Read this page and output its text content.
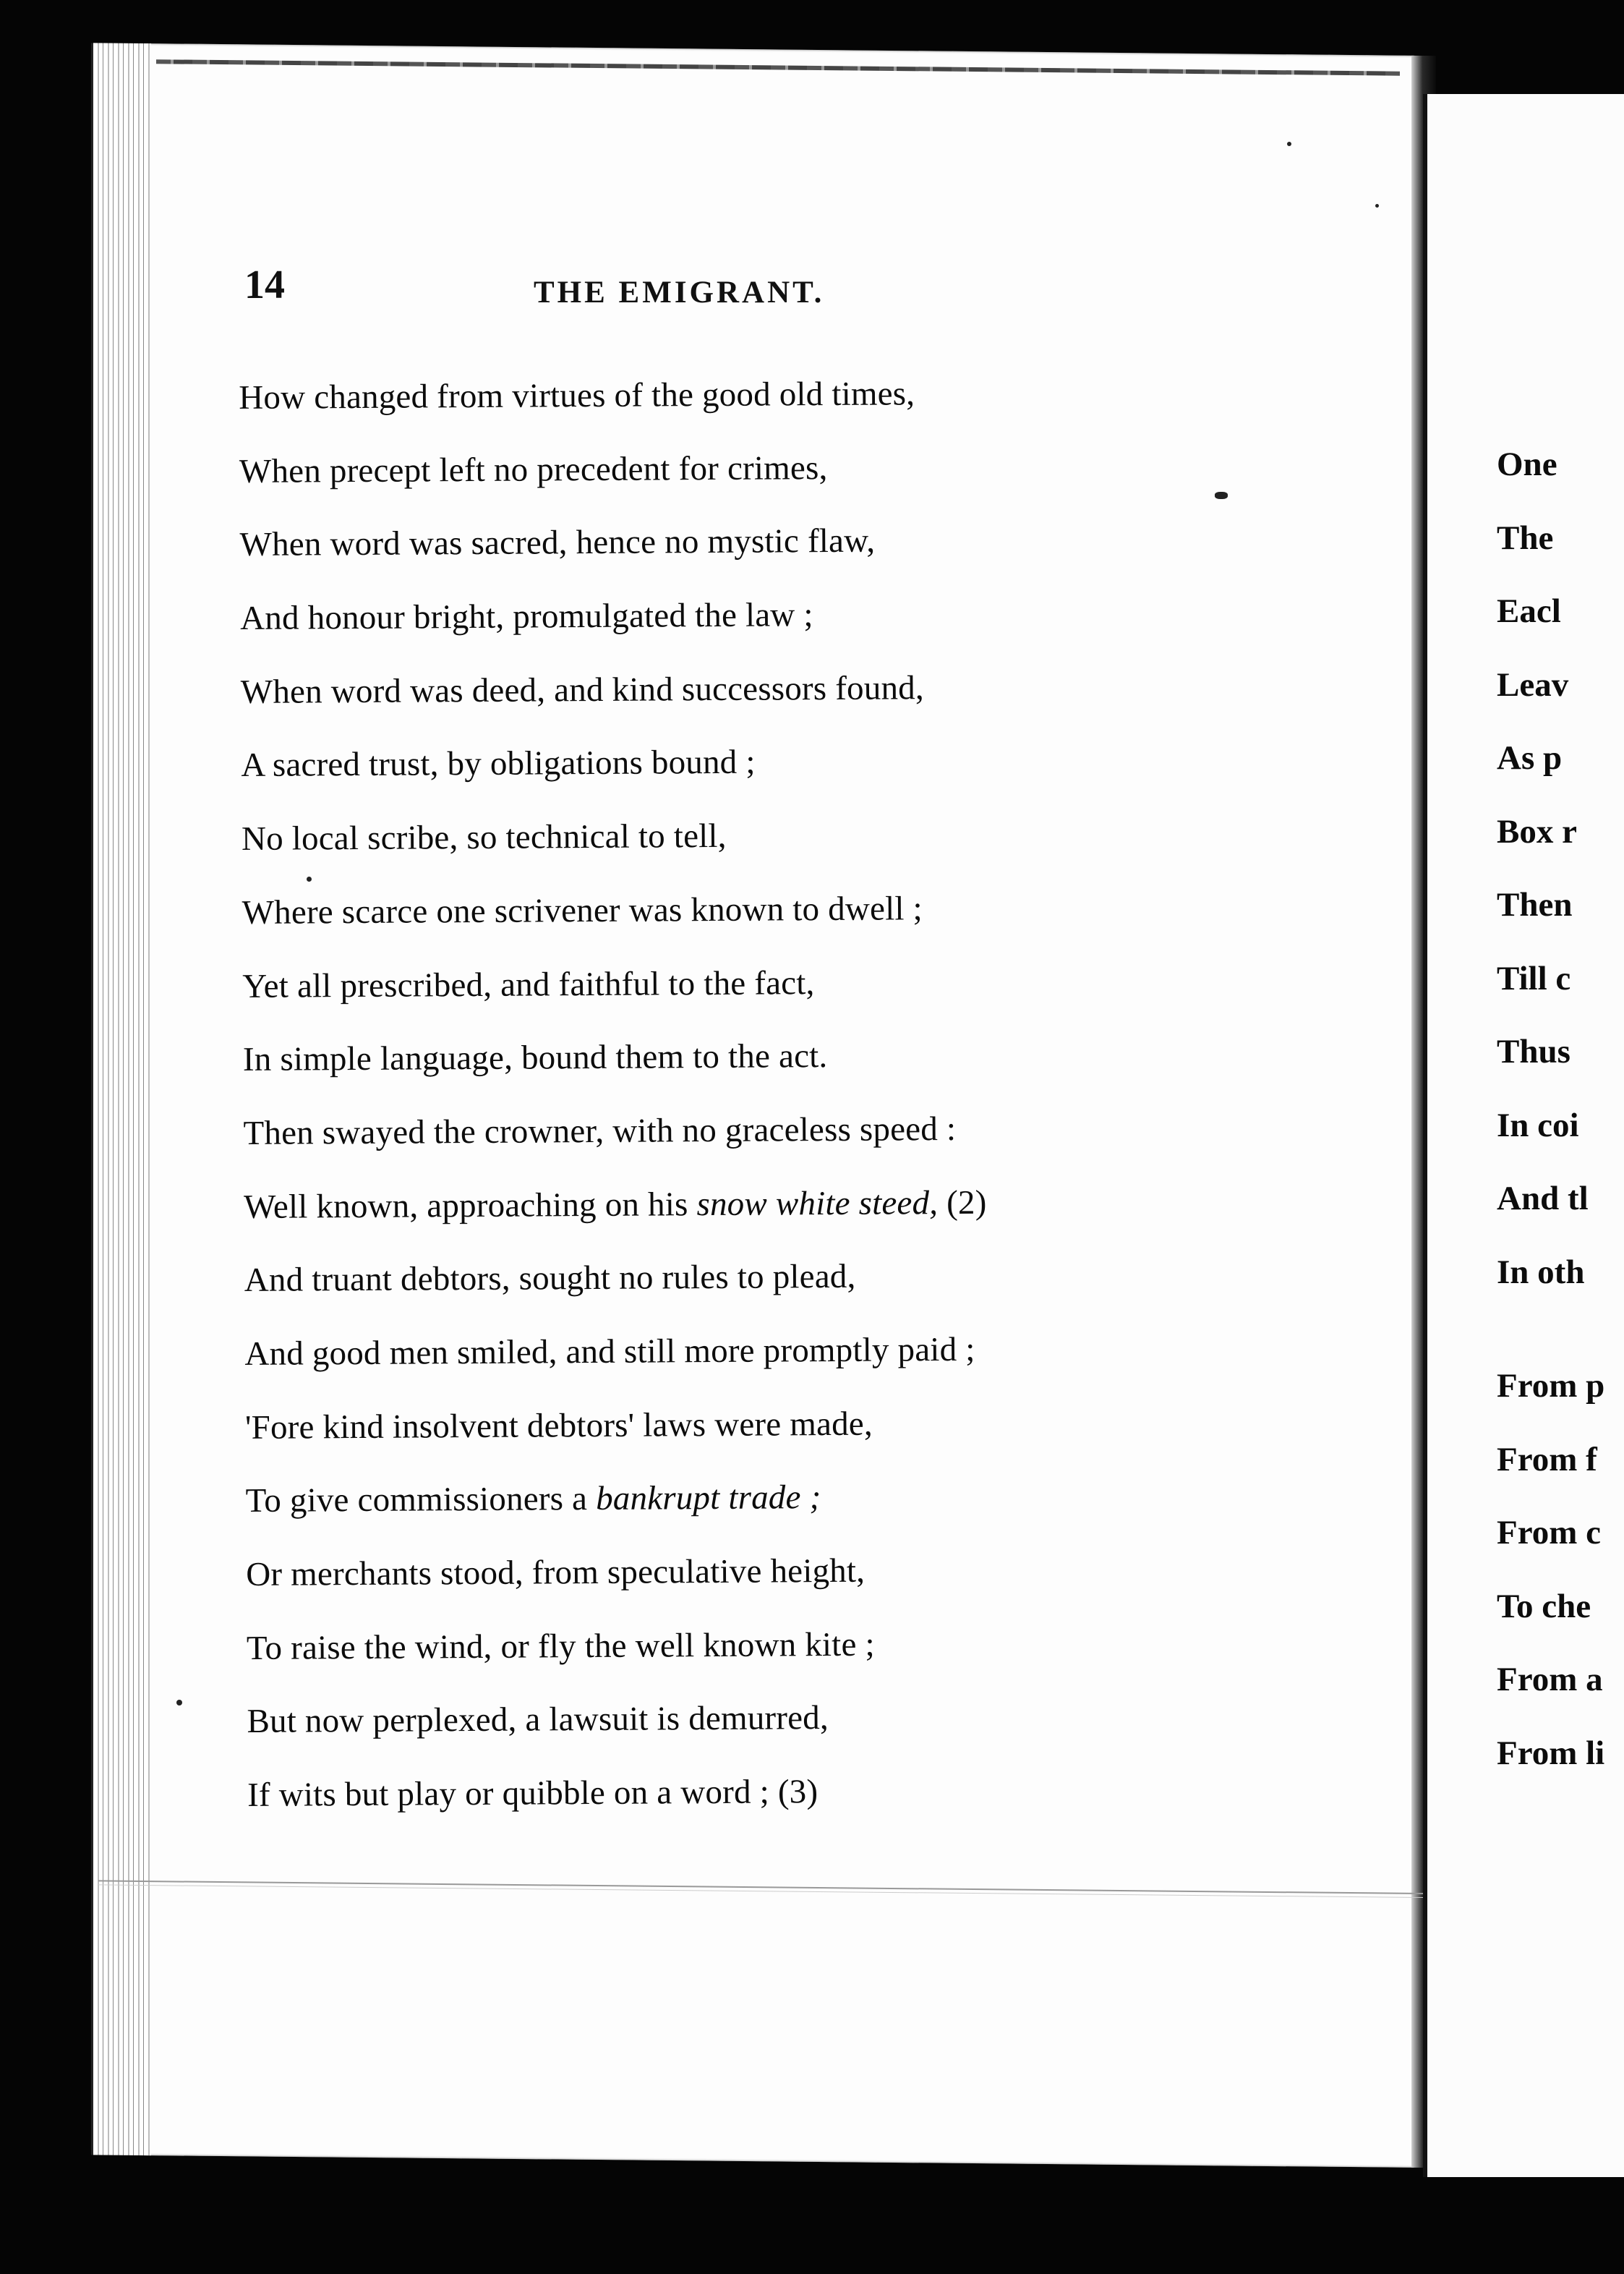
14	THE EMIGRANT.
How changed from virtues of the good old times,
When precept left no precedent for crimes,
When word was sacred, hence no mystic flaw,
And honour bright, promulgated the law ;
When word was deed, and kind successors found,
A sacred trust, by obligations bound ;
No local scribe, so technical to tell,
Where scarce one scrivener was known to dwell ;
Yet all prescribed, and faithful to the fact,
In simple language, bound them to the act.
Then swayed the crowner, with no graceless speed :
Well known, approaching on his snow white steed, (2)
And truant debtors, sought no rules to plead,
And good men smiled, and still more promptly paid ;
'Fore kind insolvent debtors' laws were made,
To give commissioners a bankrupt trade ;
Or merchants stood, from speculative height,
To raise the wind, or fly the well known kite ;
But now perplexed, a lawsuit is demurred,
If wits but play or quibble on a word ; (3)
One
The
Eacl
Leav
As p
Box r
Then
Till c
Thus
In coi
And tl
In oth
From p
From f
From c
To che
From a
From li
